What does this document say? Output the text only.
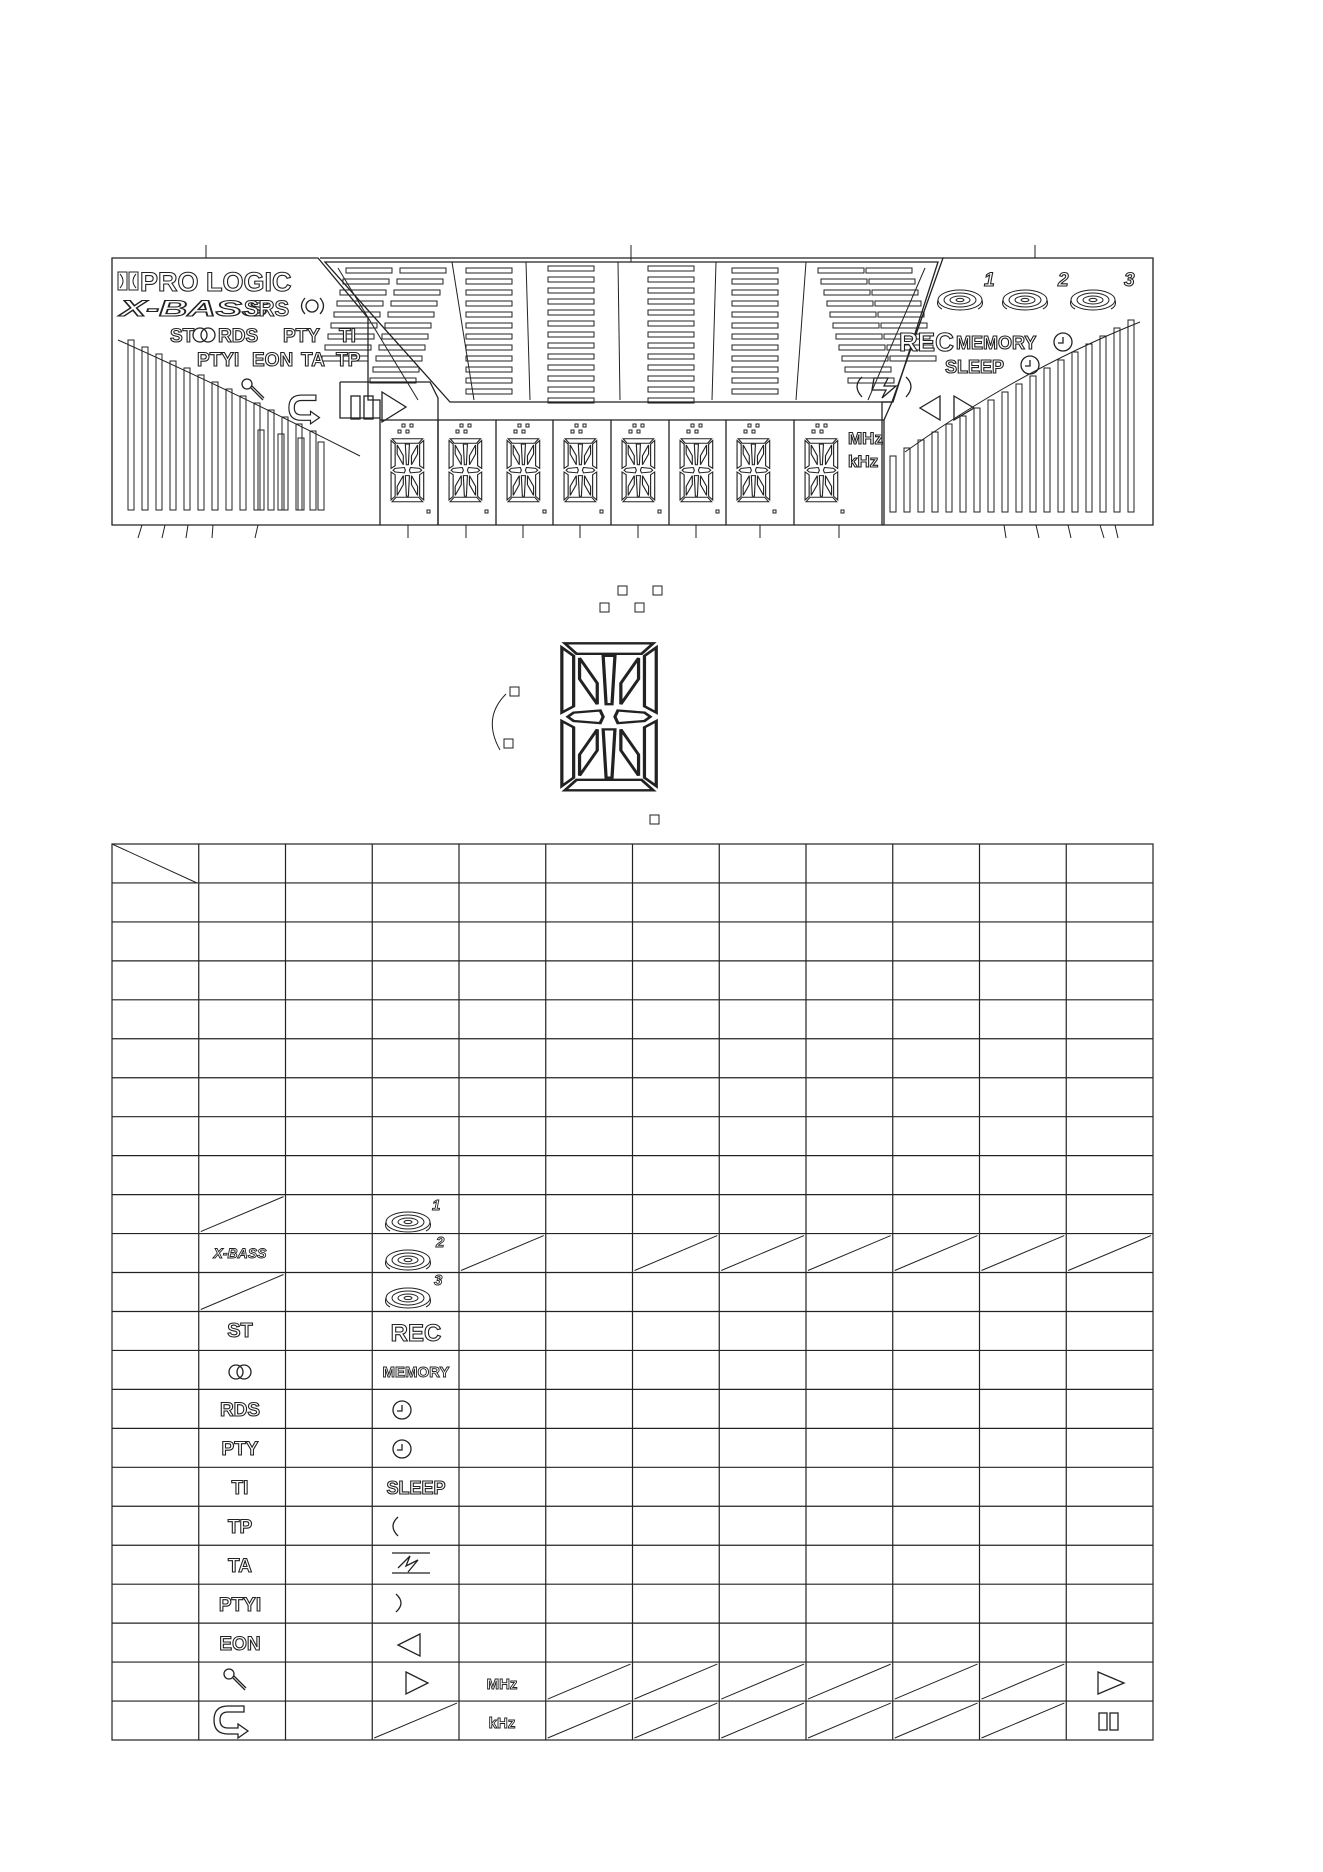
PRO LOGIC
X-BASS
SRS
ST RDS PTY TI
PTYI EON TA TP
1	2	3
REC MEMORY
SLEEP
MHz
kHz
X-BASS
ST
RDS
PTY
TI
TP
TA
PTYI
EON
1
2
3
REC
MEMORY
SLEEP
MHz
kHz
